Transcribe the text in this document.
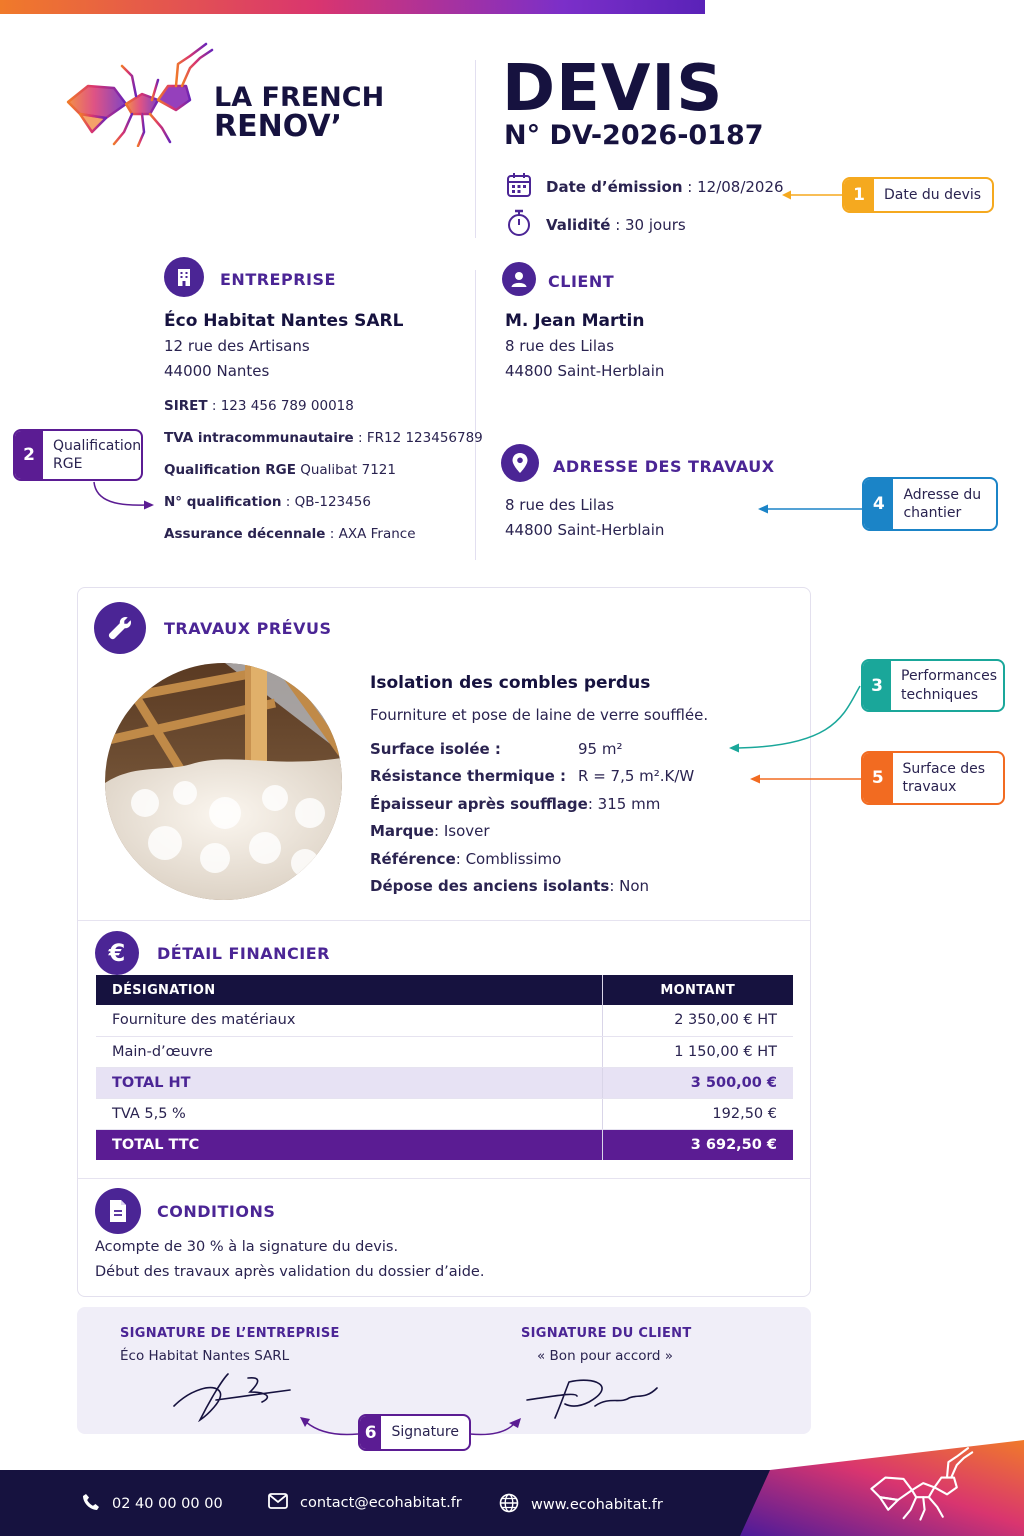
LA FRENCH
RENOV’
DEVIS
N° DV-2026-0187
Date d’émission : 12/08/2026
Validité : 30 jours
1	Date du devis
ENTREPRISE
Éco Habitat Nantes SARL
12 rue des Artisans
44000 Nantes
SIRET : 123 456 789 00018
TVA intracommunautaire : FR12 123456789
Qualification RGE Qualibat 7121
N° qualification : QB-123456
Assurance décennale : AXA France
2	Qualification RGE
CLIENT
M. Jean Martin
8 rue des Lilas
44800 Saint-Herblain
ADRESSE DES TRAVAUX
8 rue des Lilas
44800 Saint-Herblain
4	Adresse du chantier
TRAVAUX PRÉVUS
Isolation des combles perdus
Fourniture et pose de laine de verre soufflée.
Surface isolée :	95 m²
Résistance thermique : R = 7,5 m².K/W
Épaisseur après soufflage : 315 mm
Marque : Isover
Référence : Comblissimo
Dépose des anciens isolants : Non
3	Performances techniques
5	Surface des travaux
€ DÉTAIL FINANCIER
DÉSIGNATION	MONTANT
Fourniture des matériaux	2 350,00 € HT
Main-d’œuvre	1 150,00 € HT
TOTAL HT	3 500,00 €
TVA 5,5 %	192,50 €
TOTAL TTC	3 692,50 €
CONDITIONS
Acompte de 30 % à la signature du devis.
Début des travaux après validation du dossier d’aide.
SIGNATURE DE L’ENTREPRISE
Éco Habitat Nantes SARL
SIGNATURE DU CLIENT
« Bon pour accord »
6	Signature
02 40 00 00 00	contact@ecohabitat.fr	www.ecohabitat.fr
